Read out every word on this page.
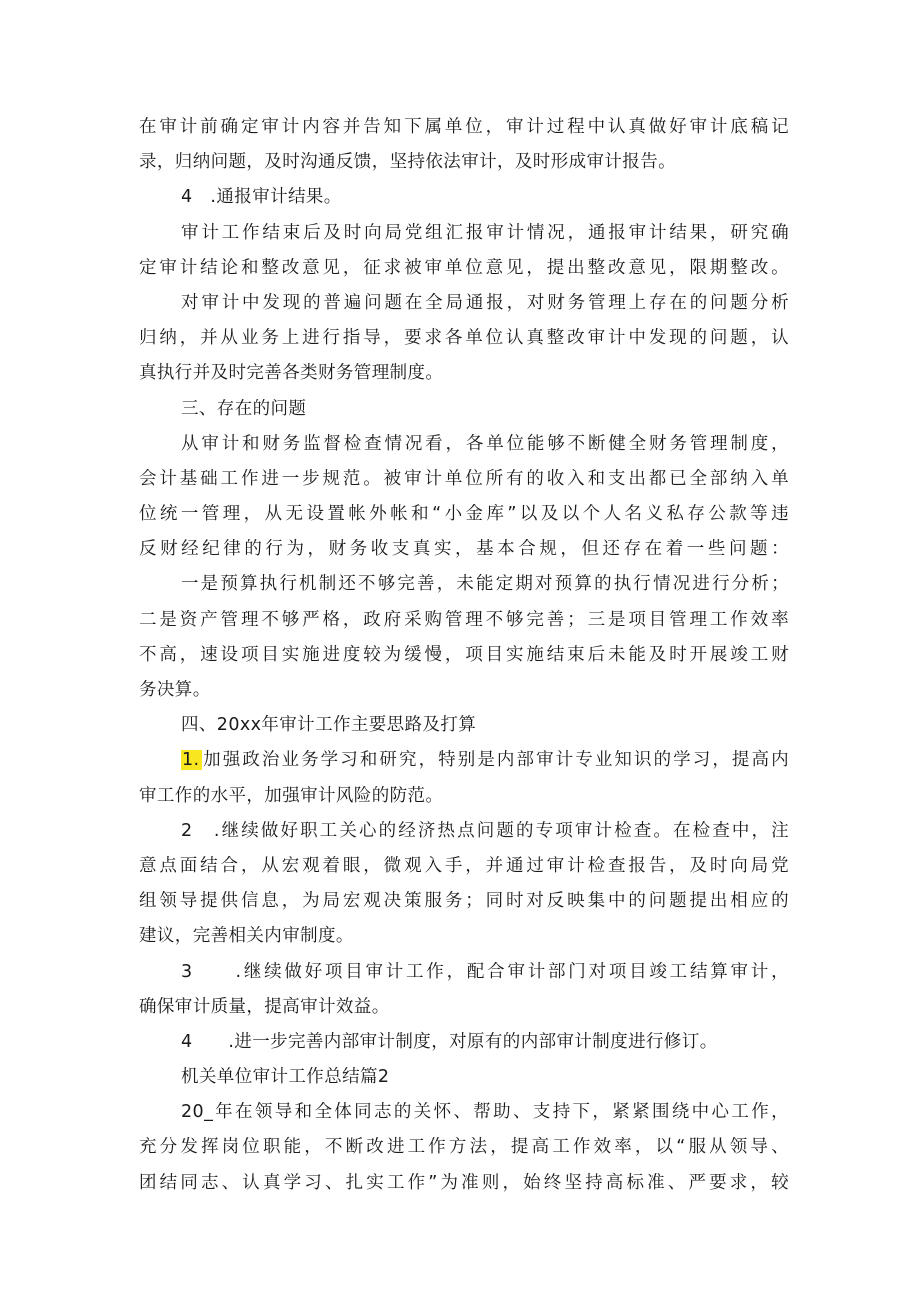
在审计前确定审计内容并告知下属单位，审计过程中认真做好审计底稿记
录，归纳问题，及时沟通反馈，坚持依法审计，及时形成审计报告。
4　.通报审计结果。
审计工作结束后及时向局党组汇报审计情况，通报审计结果，研究确
定审计结论和整改意见，征求被审单位意见，提出整改意见，限期整改。
对审计中发现的普遍问题在全局通报，对财务管理上存在的问题分析
归纳，并从业务上进行指导，要求各单位认真整改审计中发现的问题，认
真执行并及时完善各类财务管理制度。
三、存在的问题
从审计和财务监督检查情况看，各单位能够不断健全财务管理制度，
会计基础工作进一步规范。被审计单位所有的收入和支出都已全部纳入单
位统一管理，从无设置帐外帐和“小金库”以及以个人名义私存公款等违
反财经纪律的行为，财务收支真实，基本合规，但还存在着一些问题：
一是预算执行机制还不够完善，未能定期对预算的执行情况进行分析；
二是资产管理不够严格，政府采购管理不够完善；三是项目管理工作效率
不高，速设项目实施进度较为缓慢，项目实施结束后未能及时开展竣工财
务决算。
四、20xx年审计工作主要思路及打算
1. 加强政治业务学习和研究，特别是内部审计专业知识的学习，提高内
审工作的水平，加强审计风险的防范。
2　.继续做好职工关心的经济热点问题的专项审计检查。在检查中，注
意点面结合，从宏观着眼，微观入手，并通过审计检查报告，及时向局党
组领导提供信息，为局宏观决策服务；同时对反映集中的问题提出相应的
建议，完善相关内审制度。
3　　.继续做好项目审计工作，配合审计部门对项目竣工结算审计，
确保审计质量，提高审计效益。
4　　.进一步完善内部审计制度，对原有的内部审计制度进行修订。
机关单位审计工作总结篇2
20_年在领导和全体同志的关怀、帮助、支持下，紧紧围绕中心工作，
充分发挥岗位职能，不断改进工作方法，提高工作效率，以“服从领导、
团结同志、认真学习、扎实工作”为准则，始终坚持高标准、严要求，较
